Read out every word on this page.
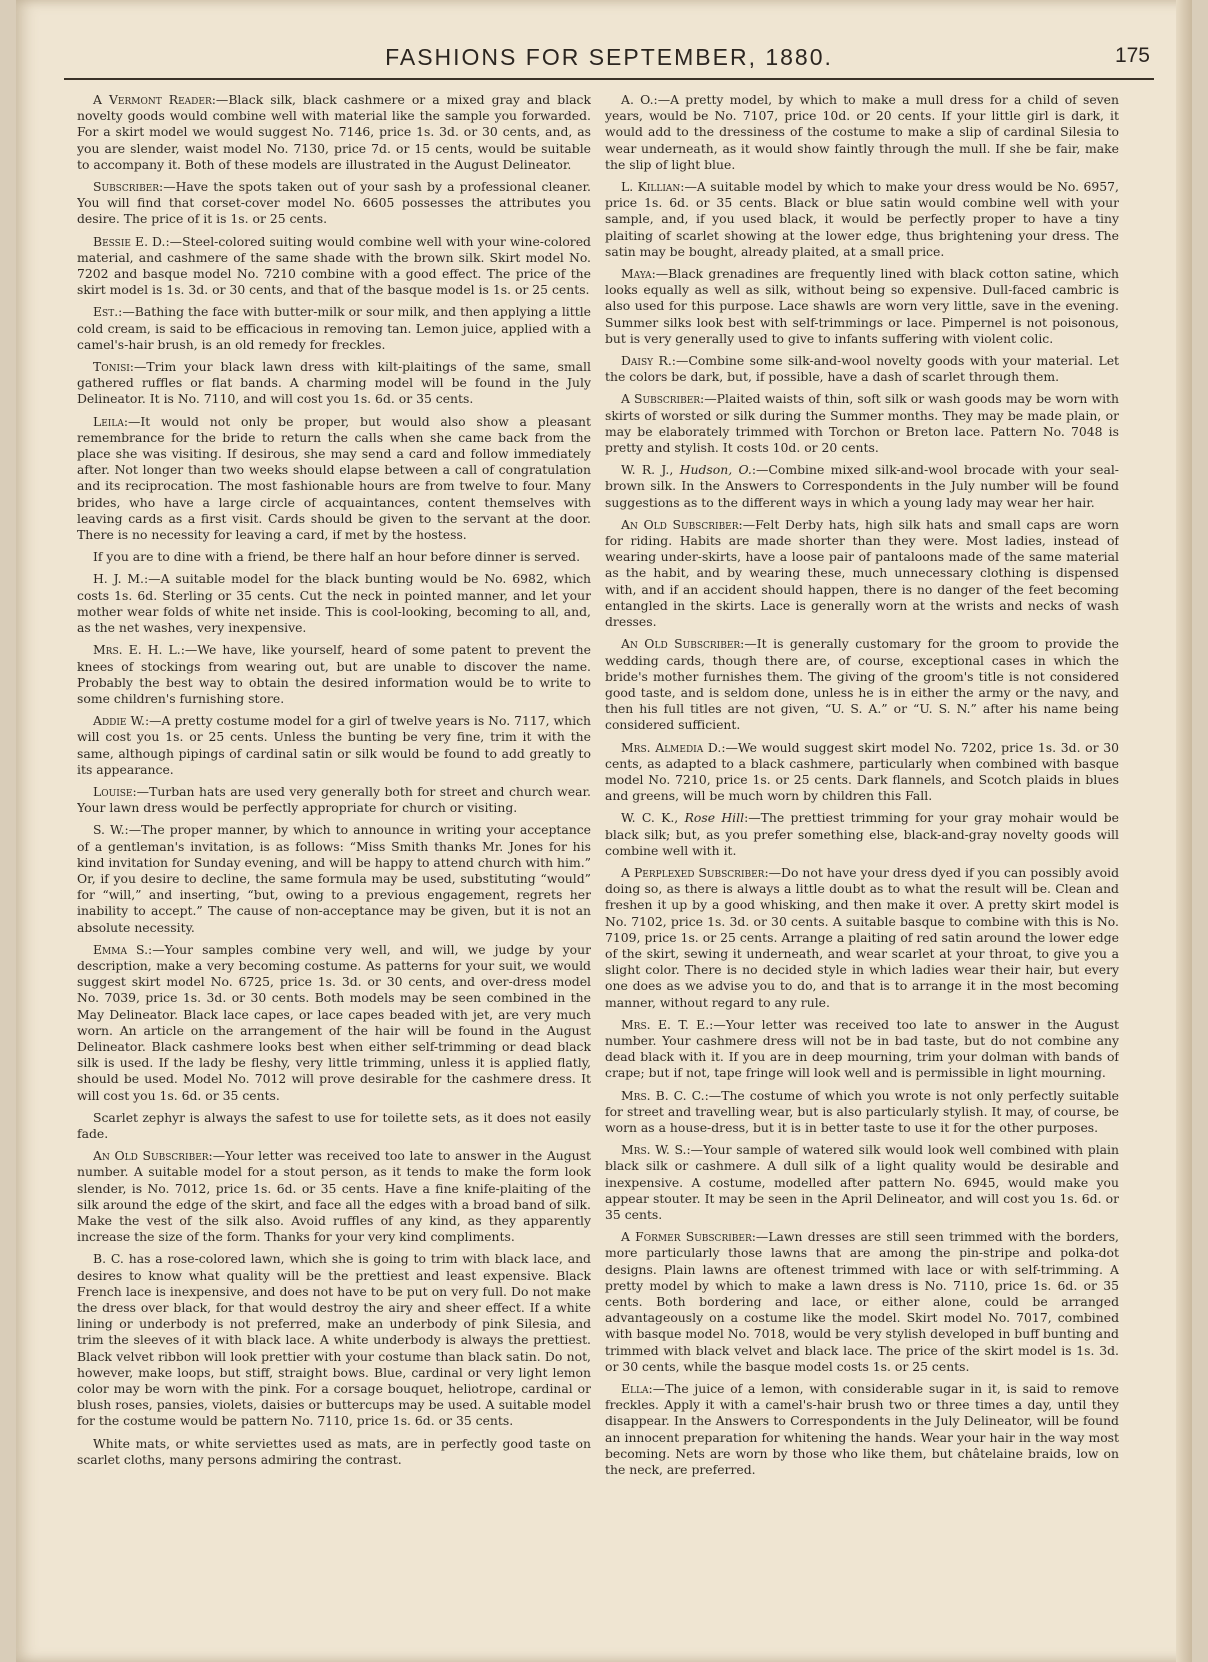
FASHIONS FOR SEPTEMBER, 1880.	175

A Vermont Reader:—Black silk, black cashmere or a mixed gray and black novelty goods would combine well with material like the sample you forwarded. For a skirt model we would suggest No. 7146, price 1s. 3d. or 30 cents, and, as you are slender, waist model No. 7130, price 7d. or 15 cents, would be suitable to accompany it. Both of these models are illustrated in the August Delineator.

Subscriber:—Have the spots taken out of your sash by a professional cleaner. You will find that corset-cover model No. 6605 possesses the attributes you desire. The price of it is 1s. or 25 cents.

Bessie E. D.:—Steel-colored suiting would combine well with your wine-colored material, and cashmere of the same shade with the brown silk. Skirt model No. 7202 and basque model No. 7210 combine with a good effect. The price of the skirt model is 1s. 3d. or 30 cents, and that of the basque model is 1s. or 25 cents.

Est.:—Bathing the face with butter-milk or sour milk, and then applying a little cold cream, is said to be efficacious in removing tan. Lemon juice, applied with a camel's-hair brush, is an old remedy for freckles.

Tonisi:—Trim your black lawn dress with kilt-plaitings of the same, small gathered ruffles or flat bands. A charming model will be found in the July Delineator. It is No. 7110, and will cost you 1s. 6d. or 35 cents.

Leila:—It would not only be proper, but would also show a pleasant remembrance for the bride to return the calls when she came back from the place she was visiting. If desirous, she may send a card and follow immediately after. Not longer than two weeks should elapse between a call of congratulation and its reciprocation. The most fashionable hours are from twelve to four. Many brides, who have a large circle of acquaintances, content themselves with leaving cards as a first visit. Cards should be given to the servant at the door. There is no necessity for leaving a card, if met by the hostess.

If you are to dine with a friend, be there half an hour before dinner is served.

H. J. M.:—A suitable model for the black bunting would be No. 6982, which costs 1s. 6d. Sterling or 35 cents. Cut the neck in pointed manner, and let your mother wear folds of white net inside. This is cool-looking, becoming to all, and, as the net washes, very inexpensive.

Mrs. E. H. L.:—We have, like yourself, heard of some patent to prevent the knees of stockings from wearing out, but are unable to discover the name. Probably the best way to obtain the desired information would be to write to some children's furnishing store.

Addie W.:—A pretty costume model for a girl of twelve years is No. 7117, which will cost you 1s. or 25 cents. Unless the bunting be very fine, trim it with the same, although pipings of cardinal satin or silk would be found to add greatly to its appearance.

Louise:—Turban hats are used very generally both for street and church wear. Your lawn dress would be perfectly appropriate for church or visiting.

S. W.:—The proper manner, by which to announce in writing your acceptance of a gentleman's invitation, is as follows: “Miss Smith thanks Mr. Jones for his kind invitation for Sunday evening, and will be happy to attend church with him.” Or, if you desire to decline, the same formula may be used, substituting “would” for “will,” and inserting, “but, owing to a previous engagement, regrets her inability to accept.” The cause of non-acceptance may be given, but it is not an absolute necessity.

Emma S.:—Your samples combine very well, and will, we judge by your description, make a very becoming costume. As patterns for your suit, we would suggest skirt model No. 6725, price 1s. 3d. or 30 cents, and over-dress model No. 7039, price 1s. 3d. or 30 cents. Both models may be seen combined in the May Delineator. Black lace capes, or lace capes beaded with jet, are very much worn. An article on the arrangement of the hair will be found in the August Delineator. Black cashmere looks best when either self-trimming or dead black silk is used. If the lady be fleshy, very little trimming, unless it is applied flatly, should be used. Model No. 7012 will prove desirable for the cashmere dress. It will cost you 1s. 6d. or 35 cents.

Scarlet zephyr is always the safest to use for toilette sets, as it does not easily fade.

An Old Subscriber:—Your letter was received too late to answer in the August number. A suitable model for a stout person, as it tends to make the form look slender, is No. 7012, price 1s. 6d. or 35 cents. Have a fine knife-plaiting of the silk around the edge of the skirt, and face all the edges with a broad band of silk. Make the vest of the silk also. Avoid ruffles of any kind, as they apparently increase the size of the form. Thanks for your very kind compliments.

B. C. has a rose-colored lawn, which she is going to trim with black lace, and desires to know what quality will be the prettiest and least expensive. Black French lace is inexpensive, and does not have to be put on very full. Do not make the dress over black, for that would destroy the airy and sheer effect. If a white lining or underbody is not preferred, make an underbody of pink Silesia, and trim the sleeves of it with black lace. A white underbody is always the prettiest. Black velvet ribbon will look prettier with your costume than black satin. Do not, however, make loops, but stiff, straight bows. Blue, cardinal or very light lemon color may be worn with the pink. For a corsage bouquet, heliotrope, cardinal or blush roses, pansies, violets, daisies or buttercups may be used. A suitable model for the costume would be pattern No. 7110, price 1s. 6d. or 35 cents.

White mats, or white serviettes used as mats, are in perfectly good taste on scarlet cloths, many persons admiring the contrast.

A. O.:—A pretty model, by which to make a mull dress for a child of seven years, would be No. 7107, price 10d. or 20 cents. If your little girl is dark, it would add to the dressiness of the costume to make a slip of cardinal Silesia to wear underneath, as it would show faintly through the mull. If she be fair, make the slip of light blue.

L. Killian:—A suitable model by which to make your dress would be No. 6957, price 1s. 6d. or 35 cents. Black or blue satin would combine well with your sample, and, if you used black, it would be perfectly proper to have a tiny plaiting of scarlet showing at the lower edge, thus brightening your dress. The satin may be bought, already plaited, at a small price.

Maya:—Black grenadines are frequently lined with black cotton satine, which looks equally as well as silk, without being so expensive. Dull-faced cambric is also used for this purpose. Lace shawls are worn very little, save in the evening. Summer silks look best with self-trimmings or lace. Pimpernel is not poisonous, but is very generally used to give to infants suffering with violent colic.

Daisy R.:—Combine some silk-and-wool novelty goods with your material. Let the colors be dark, but, if possible, have a dash of scarlet through them.

A Subscriber:—Plaited waists of thin, soft silk or wash goods may be worn with skirts of worsted or silk during the Summer months. They may be made plain, or may be elaborately trimmed with Torchon or Breton lace. Pattern No. 7048 is pretty and stylish. It costs 10d. or 20 cents.

W. R. J., Hudson, O.:—Combine mixed silk-and-wool brocade with your seal-brown silk. In the Answers to Correspondents in the July number will be found suggestions as to the different ways in which a young lady may wear her hair.

An Old Subscriber:—Felt Derby hats, high silk hats and small caps are worn for riding. Habits are made shorter than they were. Most ladies, instead of wearing under-skirts, have a loose pair of pantaloons made of the same material as the habit, and by wearing these, much unnecessary clothing is dispensed with, and if an accident should happen, there is no danger of the feet becoming entangled in the skirts. Lace is generally worn at the wrists and necks of wash dresses.

An Old Subscriber:—It is generally customary for the groom to provide the wedding cards, though there are, of course, exceptional cases in which the bride's mother furnishes them. The giving of the groom's title is not considered good taste, and is seldom done, unless he is in either the army or the navy, and then his full titles are not given, “U. S. A.” or “U. S. N.” after his name being considered sufficient.

Mrs. Almedia D.:—We would suggest skirt model No. 7202, price 1s. 3d. or 30 cents, as adapted to a black cashmere, particularly when combined with basque model No. 7210, price 1s. or 25 cents. Dark flannels, and Scotch plaids in blues and greens, will be much worn by children this Fall.

W. C. K., Rose Hill:—The prettiest trimming for your gray mohair would be black silk; but, as you prefer something else, black-and-gray novelty goods will combine well with it.

A Perplexed Subscriber:—Do not have your dress dyed if you can possibly avoid doing so, as there is always a little doubt as to what the result will be. Clean and freshen it up by a good whisking, and then make it over. A pretty skirt model is No. 7102, price 1s. 3d. or 30 cents. A suitable basque to combine with this is No. 7109, price 1s. or 25 cents. Arrange a plaiting of red satin around the lower edge of the skirt, sewing it underneath, and wear scarlet at your throat, to give you a slight color. There is no decided style in which ladies wear their hair, but every one does as we advise you to do, and that is to arrange it in the most becoming manner, without regard to any rule.

Mrs. E. T. E.:—Your letter was received too late to answer in the August number. Your cashmere dress will not be in bad taste, but do not combine any dead black with it. If you are in deep mourning, trim your dolman with bands of crape; but if not, tape fringe will look well and is permissible in light mourning.

Mrs. B. C. C.:—The costume of which you wrote is not only perfectly suitable for street and travelling wear, but is also particularly stylish. It may, of course, be worn as a house-dress, but it is in better taste to use it for the other purposes.

Mrs. W. S.:—Your sample of watered silk would look well combined with plain black silk or cashmere. A dull silk of a light quality would be desirable and inexpensive. A costume, modelled after pattern No. 6945, would make you appear stouter. It may be seen in the April Delineator, and will cost you 1s. 6d. or 35 cents.

A Former Subscriber:—Lawn dresses are still seen trimmed with the borders, more particularly those lawns that are among the pin-stripe and polka-dot designs. Plain lawns are oftenest trimmed with lace or with self-trimming. A pretty model by which to make a lawn dress is No. 7110, price 1s. 6d. or 35 cents. Both bordering and lace, or either alone, could be arranged advantageously on a costume like the model. Skirt model No. 7017, combined with basque model No. 7018, would be very stylish developed in buff bunting and trimmed with black velvet and black lace. The price of the skirt model is 1s. 3d. or 30 cents, while the basque model costs 1s. or 25 cents.

Ella:—The juice of a lemon, with considerable sugar in it, is said to remove freckles. Apply it with a camel's-hair brush two or three times a day, until they disappear. In the Answers to Correspondents in the July Delineator, will be found an innocent preparation for whitening the hands. Wear your hair in the way most becoming. Nets are worn by those who like them, but châtelaine braids, low on the neck, are preferred.
